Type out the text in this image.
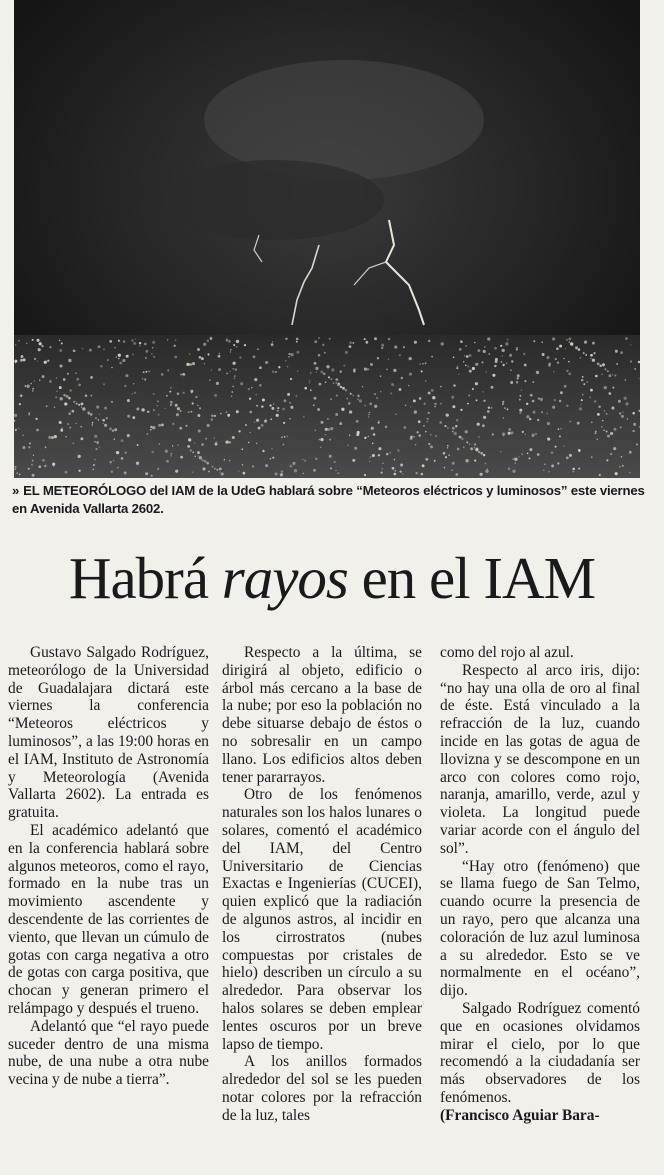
» EL METEORÓLOGO del IAM de la UdeG hablará sobre “Meteoros eléctricos y luminosos” este viernes en Avenida Vallarta 2602.
Habrá rayos en el IAM

Gustavo Salgado Rodríguez, meteorólogo de la Universidad de Guadalajara dictará este viernes la conferencia “Meteoros eléctricos y luminosos”, a las 19:00 horas en el IAM, Instituto de Astronomía y Meteorología (Avenida Vallarta 2602). La entrada es gratuita.

El académico adelantó que en la conferencia hablará sobre algunos meteoros, como el rayo, formado en la nube tras un movimiento ascendente y descendente de las corrientes de viento, que llevan un cúmulo de gotas con carga negativa a otro de gotas con carga positiva, que chocan y generan primero el relámpago y después el trueno.

Adelantó que “el rayo puede suceder dentro de una misma nube, de una nube a otra nube vecina y de nube a tierra”.

Respecto a la última, se dirigirá al objeto, edificio o árbol más cercano a la base de la nube; por eso la población no debe situarse debajo de éstos o no sobresalir en un campo llano. Los edificios altos deben tener pararrayos.

Otro de los fenómenos naturales son los halos lunares o solares, comentó el académico del IAM, del Centro Universitario de Ciencias Exactas e Ingenierías (CUCEI), quien explicó que la radiación de algunos astros, al incidir en los cirrostratos (nubes compuestas por cristales de hielo) describen un círculo a su alrededor. Para observar los halos solares se deben emplear lentes oscuros por un breve lapso de tiempo.

A los anillos formados alrededor del sol se les pueden notar colores por la refracción de la luz, tales

como del rojo al azul.

Respecto al arco iris, dijo: “no hay una olla de oro al final de éste. Está vinculado a la refracción de la luz, cuando incide en las gotas de agua de llovizna y se descompone en un arco con colores como rojo, naranja, amarillo, verde, azul y violeta. La longitud puede variar acorde con el ángulo del sol”.

“Hay otro (fenómeno) que se llama fuego de San Telmo, cuando ocurre la presencia de un rayo, pero que alcanza una coloración de luz azul luminosa a su alrededor. Esto se ve normalmente en el océano”, dijo.

Salgado Rodríguez comentó que en ocasiones olvidamos mirar el cielo, por lo que recomendó a la ciudadanía ser más observadores de los fenómenos.

(Francisco Aguiar Bara-
